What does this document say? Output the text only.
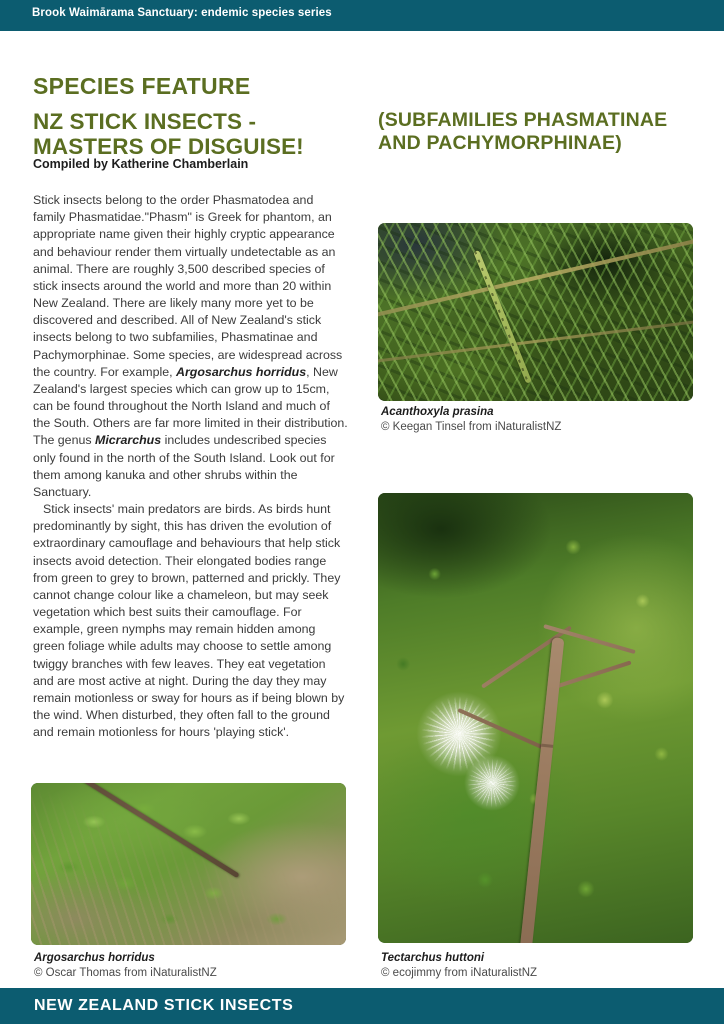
Brook Waimārama Sanctuary: endemic species series
SPECIES FEATURE
NZ STICK INSECTS - MASTERS OF DISGUISE!
Compiled by Katherine Chamberlain
(SUBFAMILIES PHASMATINAE AND PACHYMORPHINAE)

Stick insects belong to the order Phasmatodea and family Phasmatidae."Phasm" is Greek for phantom, an appropriate name given their highly cryptic appearance and behaviour render them virtually undetectable as an animal. There are roughly 3,500 described species of stick insects around the world and more than 20 within New Zealand. There are likely many more yet to be discovered and described. All of New Zealand's stick insects belong to two subfamilies, Phasmatinae and Pachymorphinae. Some species, are widespread across the country. For example, Argosarchus horridus, New Zealand's largest species which can grow up to 15cm, can be found throughout the North Island and much of the South. Others are far more limited in their distribution. The genus Micrarchus includes undescribed species only found in the north of the South Island. Look out for them among kanuka and other shrubs within the Sanctuary.

Stick insects' main predators are birds. As birds hunt predominantly by sight, this has driven the evolution of extraordinary camouflage and behaviours that help stick insects avoid detection. Their elongated bodies range from green to grey to brown, patterned and prickly. They cannot change colour like a chameleon, but may seek vegetation which best suits their camouflage. For example, green nymphs may remain hidden among green foliage while adults may choose to settle among twiggy branches with few leaves. They eat vegetation and are most active at night. During the day they may remain motionless or sway for hours as if being blown by the wind. When disturbed, they often fall to the ground and remain motionless for hours 'playing stick'.

Acanthoxyla prasina
© Keegan Tinsel from iNaturalistNZ
Tectarchus huttoni
© ecojimmy from iNaturalistNZ
Argosarchus horridus
© Oscar Thomas from iNaturalistNZ
NEW ZEALAND STICK INSECTS
